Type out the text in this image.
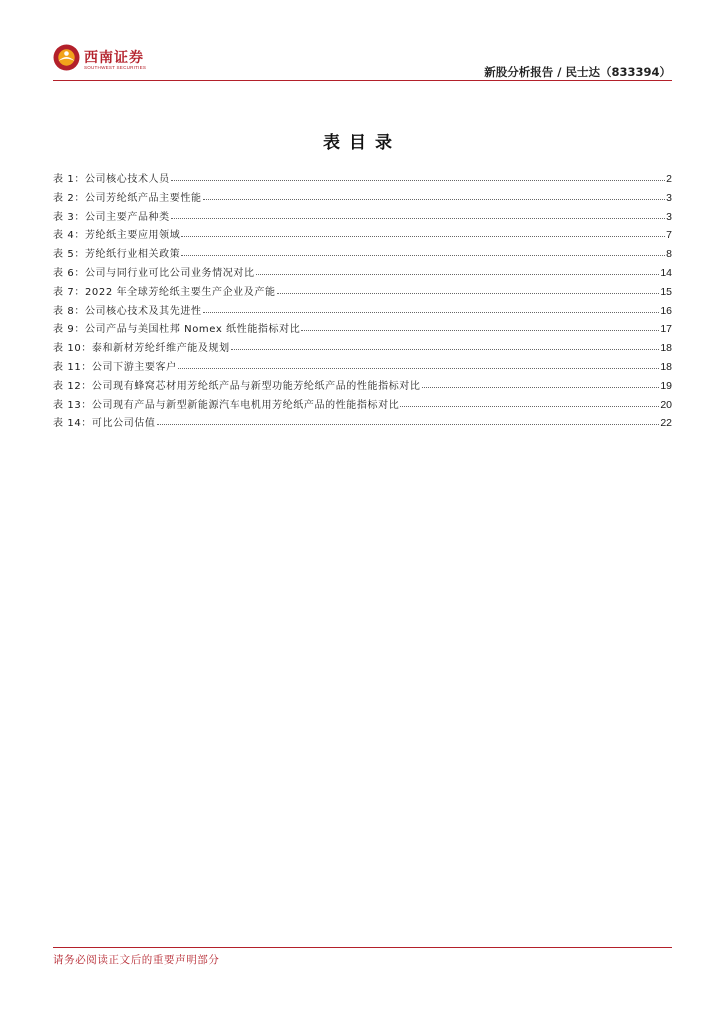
西南证券
SOUTHWEST SECURITIES	新股分析报告 / 民士达（833394）
表目录
表 1：公司核心技术人员	2
表 2：公司芳纶纸产品主要性能	3
表 3：公司主要产品种类	3
表 4：芳纶纸主要应用领域	7
表 5：芳纶纸行业相关政策	8
表 6：公司与同行业可比公司业务情况对比	14
表 7：2022 年全球芳纶纸主要生产企业及产能	15
表 8：公司核心技术及其先进性	16
表 9：公司产品与美国杜邦 Nomex 纸性能指标对比	17
表 10：泰和新材芳纶纤维产能及规划	18
表 11：公司下游主要客户	18
表 12：公司现有蜂窝芯材用芳纶纸产品与新型功能芳纶纸产品的性能指标对比	19
表 13：公司现有产品与新型新能源汽车电机用芳纶纸产品的性能指标对比	20
表 14：可比公司估值	22
请务必阅读正文后的重要声明部分
